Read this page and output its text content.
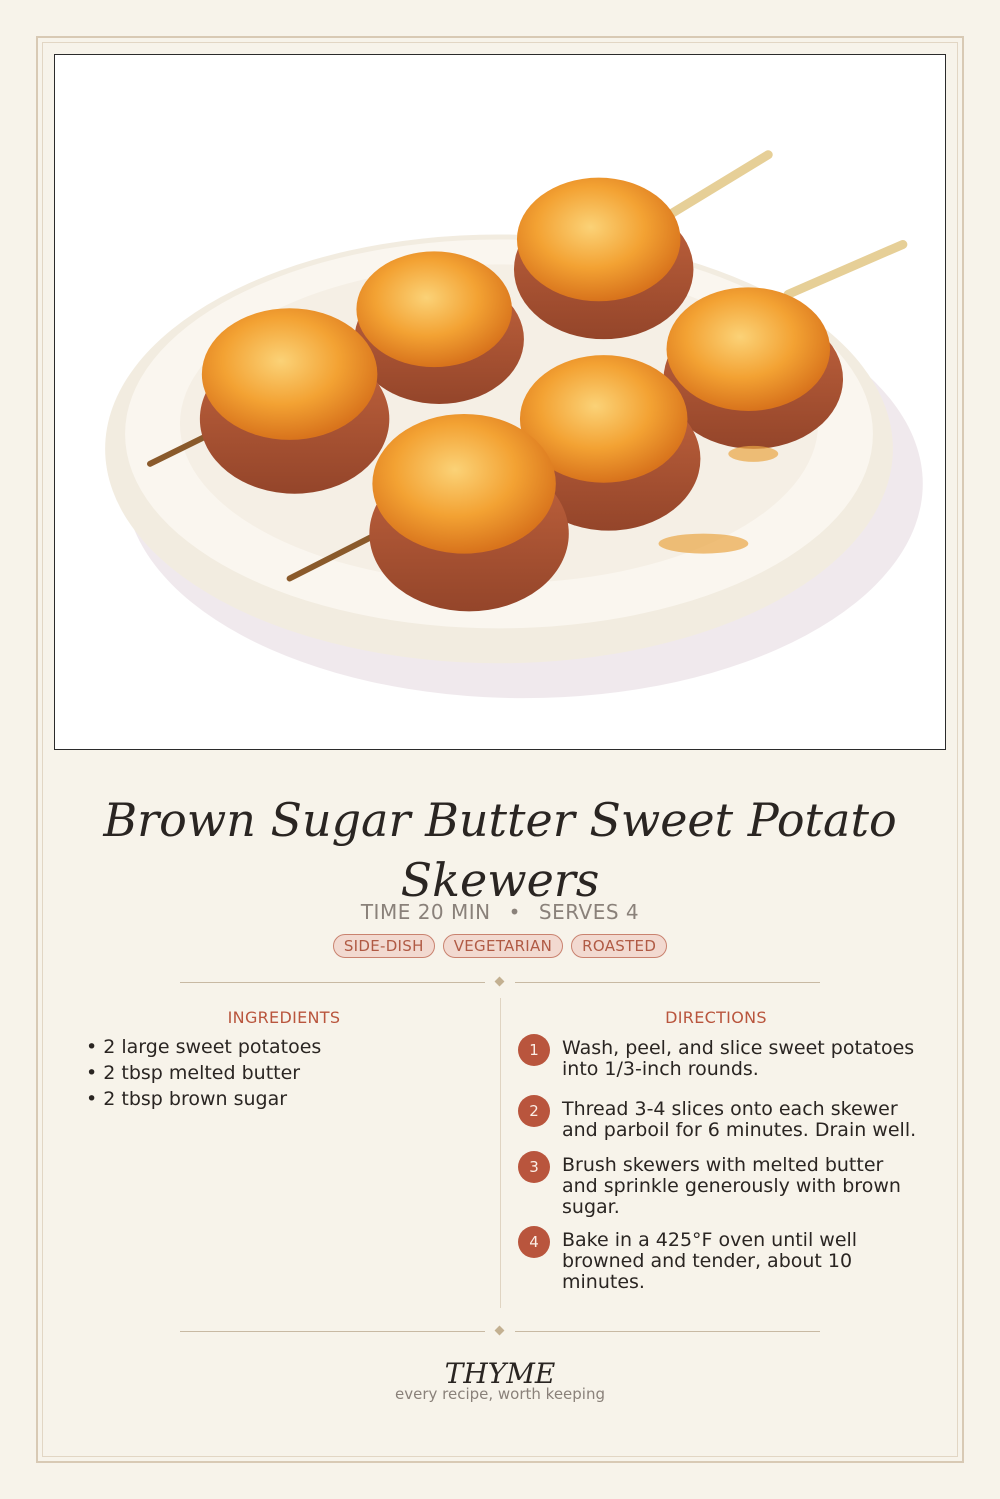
Brown Sugar Butter Sweet Potato Skewers
TIME 20 MIN • SERVES 4
SIDE-DISH VEGETARIAN ROASTED
INGREDIENTS
• 2 large sweet potatoes
• 2 tbsp melted butter
• 2 tbsp brown sugar
DIRECTIONS
1	Wash, peel, and slice sweet potatoes into 1/3-inch rounds.
2	Thread 3-4 slices onto each skewer and parboil for 6 minutes. Drain well.
3	Brush skewers with melted butter and sprinkle generously with brown sugar.
4	Bake in a 425°F oven until well browned and tender, about 10 minutes.
THYME
every recipe, worth keeping
